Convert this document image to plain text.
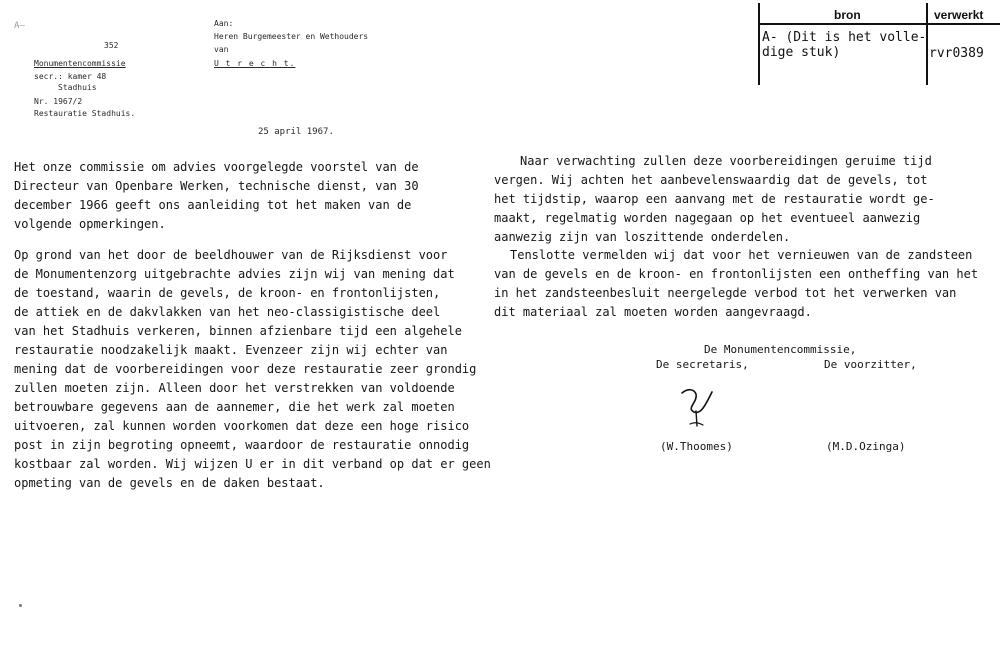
A—
352
Monumentencommissie
secr.: kamer 48
Stadhuis
Nr. 1967/2
Restauratie Stadhuis.
Aan:
Heren Burgemeester en Wethouders
van
U t r e c h t.
25 april 1967.
bron	verwerkt
A- (Dit is het volle-
dige stuk)	rvr0389
Het onze commissie om advies voorgelegde voorstel van de
Directeur van Openbare Werken, technische dienst, van 30
december 1966 geeft ons aanleiding tot het maken van de
volgende opmerkingen.
Op grond van het door de beeldhouwer van de Rijksdienst voor
de Monumentenzorg uitgebrachte advies zijn wij van mening dat
de toestand, waarin de gevels, de kroon- en frontonlijsten,
de attiek en de dakvlakken van het neo-classigistische deel
van het Stadhuis verkeren, binnen afzienbare tijd een algehele
restauratie noodzakelijk maakt. Evenzeer zijn wij echter van
mening dat de voorbereidingen voor deze restauratie zeer grondig
zullen moeten zijn. Alleen door het verstrekken van voldoende
betrouwbare gegevens aan de aannemer, die het werk zal moeten
uitvoeren, zal kunnen worden voorkomen dat deze een hoge risico
post in zijn begroting opneemt, waardoor de restauratie onnodig
kostbaar zal worden. Wij wijzen U er in dit verband op dat er geen
opmeting van de gevels en de daken bestaat.
Naar verwachting zullen deze voorbereidingen geruime tijd
vergen. Wij achten het aanbevelenswaardig dat de gevels, tot
het tijdstip, waarop een aanvang met de restauratie wordt ge-
maakt, regelmatig worden nagegaan op het eventueel aanwezig
aanwezig zijn van loszittende onderdelen.
Tenslotte vermelden wij dat voor het vernieuwen van de zandsteen
van de gevels en de kroon- en frontonlijsten een ontheffing van het
in het zandsteenbesluit neergelegde verbod tot het verwerken van
dit materiaal zal moeten worden aangevraagd.
De Monumentencommissie,
De secretaris,	De voorzitter,
(W.Thoomes)	(M.D.Ozinga)
